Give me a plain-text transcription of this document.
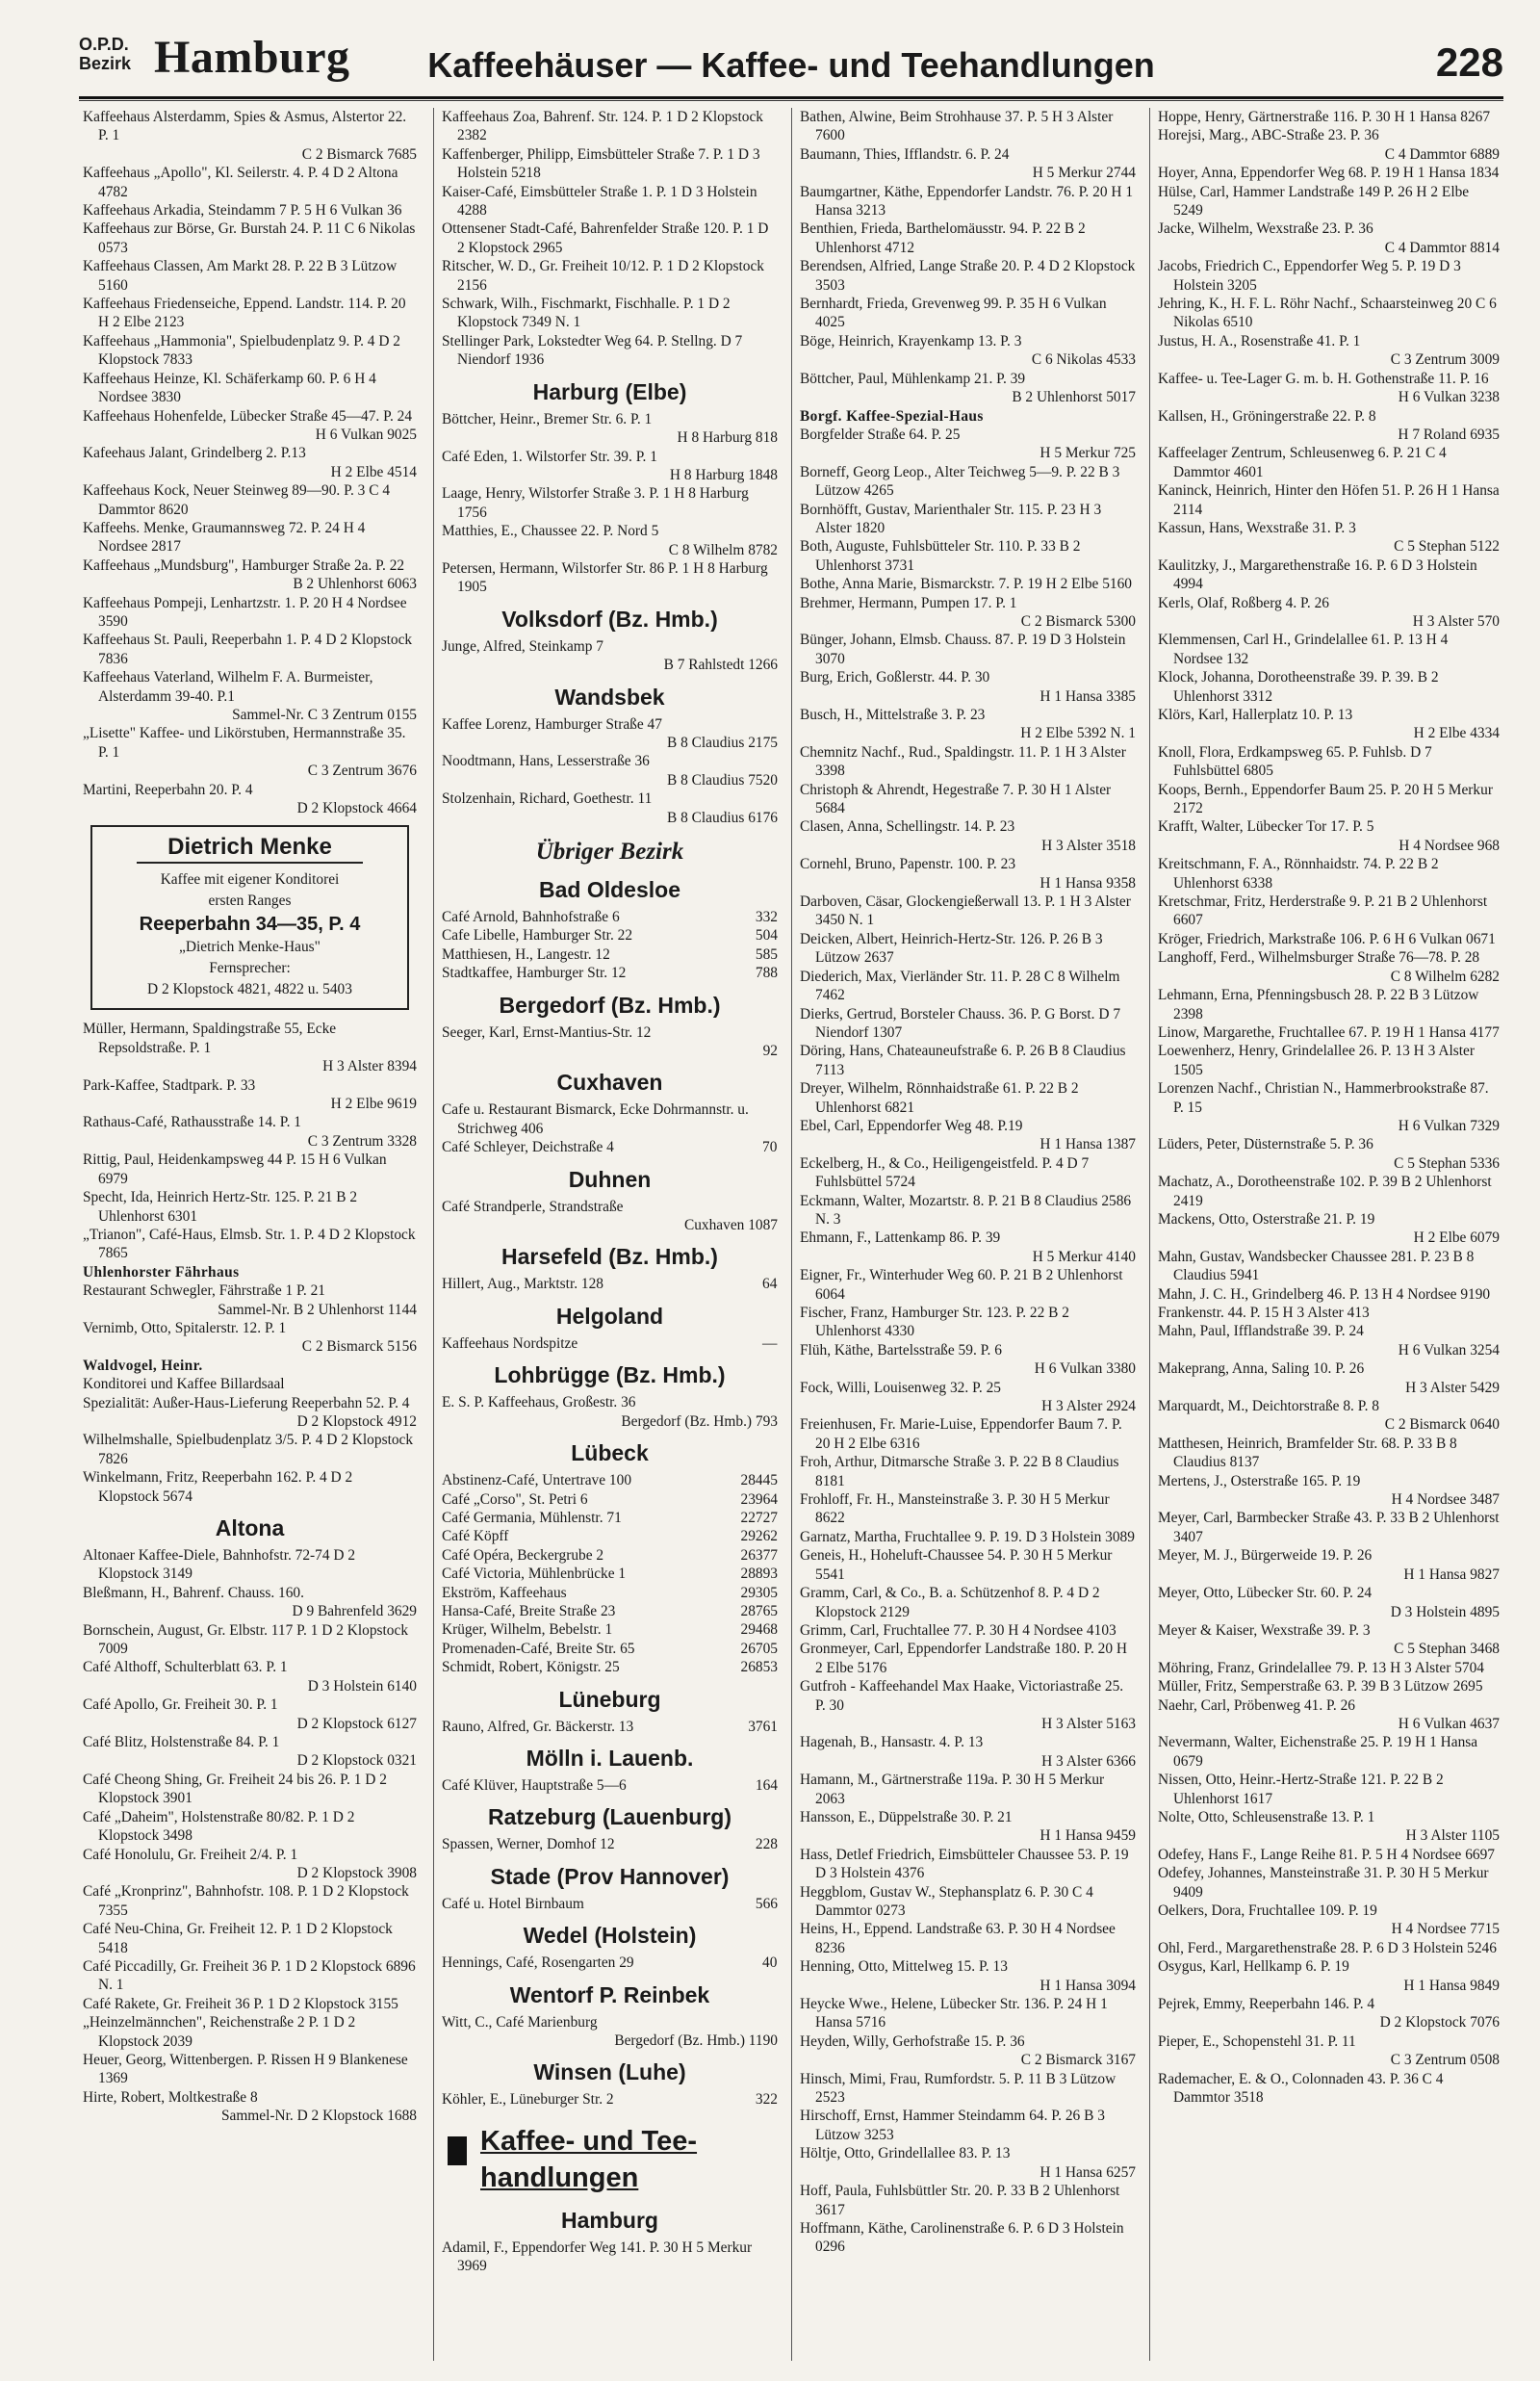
O.P.D.
Bezirk Hamburg	Kaffeehäuser — Kaffee- und Teehandlungen	228

Kaffeehaus Alsterdamm, Spies & Asmus, Alstertor 22. P. 1

C 2 Bismarck 7685

Kaffeehaus „Apollo", Kl. Seilerstr. 4. P. 4 D 2 Altona 4782

Kaffeehaus Arkadia, Steindamm 7 P. 5 H 6 Vulkan 36

Kaffeehaus zur Börse, Gr. Burstah 24. P. 11 C 6 Nikolas 0573

Kaffeehaus Classen, Am Markt 28. P. 22 B 3 Lützow 5160

Kaffeehaus Friedenseiche, Eppend. Landstr. 114. P. 20 H 2 Elbe 2123

Kaffeehaus „Hammonia", Spielbudenplatz 9. P. 4 D 2 Klopstock 7833

Kaffeehaus Heinze, Kl. Schäferkamp 60. P. 6 H 4 Nordsee 3830

Kaffeehaus Hohenfelde, Lübecker Straße 45—47. P. 24

H 6 Vulkan 9025

Kafeehaus Jalant, Grindelberg 2. P.13

H 2 Elbe 4514

Kaffeehaus Kock, Neuer Steinweg 89—90. P. 3 C 4 Dammtor 8620

Kaffeehs. Menke, Graumannsweg 72. P. 24 H 4 Nordsee 2817

Kaffeehaus „Mundsburg", Hamburger Straße 2a. P. 22

B 2 Uhlenhorst 6063

Kaffeehaus Pompeji, Lenhartzstr. 1. P. 20 H 4 Nordsee 3590

Kaffeehaus St. Pauli, Reeperbahn 1. P. 4 D 2 Klopstock 7836

Kaffeehaus Vaterland, Wilhelm F. A. Burmeister, Alsterdamm 39-40. P.1

Sammel-Nr. C 3 Zentrum 0155

„Lisette" Kaffee- und Likörstuben, Hermannstraße 35. P. 1

C 3 Zentrum 3676

Martini, Reeperbahn 20. P. 4

D 2 Klopstock 4664

Dietrich Menke
Kaffee mit eigener Konditorei
ersten Ranges
Reeperbahn 34—35, P. 4
„Dietrich Menke-Haus"
Fernsprecher:
D 2 Klopstock 4821, 4822 u. 5403

Müller, Hermann, Spaldingstraße 55, Ecke Repsoldstraße. P. 1

H 3 Alster 8394

Park-Kaffee, Stadtpark. P. 33

H 2 Elbe 9619

Rathaus-Café, Rathausstraße 14. P. 1

C 3 Zentrum 3328

Rittig, Paul, Heidenkampsweg 44 P. 15 H 6 Vulkan 6979

Specht, Ida, Heinrich Hertz-Str. 125. P. 21 B 2 Uhlenhorst 6301

„Trianon", Café-Haus, Elmsb. Str. 1. P. 4 D 2 Klopstock 7865

Uhlenhorster Fährhaus

Restaurant Schwegler, Fährstraße 1 P. 21

Sammel-Nr. B 2 Uhlenhorst 1144

Vernimb, Otto, Spitalerstr. 12. P. 1

C 2 Bismarck 5156

Waldvogel, Heinr.

Konditorei und Kaffee Billardsaal

Spezialität: Außer-Haus-Lieferung Reeperbahn 52. P. 4

D 2 Klopstock 4912

Wilhelmshalle, Spielbudenplatz 3/5. P. 4 D 2 Klopstock 7826

Winkelmann, Fritz, Reeperbahn 162. P. 4 D 2 Klopstock 5674

Altona

Altonaer Kaffee-Diele, Bahnhofstr. 72-74 D 2 Klopstock 3149

Bleßmann, H., Bahrenf. Chauss. 160.

D 9 Bahrenfeld 3629

Bornschein, August, Gr. Elbstr. 117 P. 1 D 2 Klopstock 7009

Café Althoff, Schulterblatt 63. P. 1

D 3 Holstein 6140

Café Apollo, Gr. Freiheit 30. P. 1

D 2 Klopstock 6127

Café Blitz, Holstenstraße 84. P. 1

D 2 Klopstock 0321

Café Cheong Shing, Gr. Freiheit 24 bis 26. P. 1 D 2 Klopstock 3901

Café „Daheim", Holstenstraße 80/82. P. 1 D 2 Klopstock 3498

Café Honolulu, Gr. Freiheit 2/4. P. 1

D 2 Klopstock 3908

Café „Kronprinz", Bahnhofstr. 108. P. 1 D 2 Klopstock 7355

Café Neu-China, Gr. Freiheit 12. P. 1 D 2 Klopstock 5418

Café Piccadilly, Gr. Freiheit 36 P. 1 D 2 Klopstock 6896 N. 1

Café Rakete, Gr. Freiheit 36 P. 1 D 2 Klopstock 3155

„Heinzelmännchen", Reichenstraße 2 P. 1 D 2 Klopstock 2039

Heuer, Georg, Wittenbergen. P. Rissen H 9 Blankenese 1369

Hirte, Robert, Moltkestraße 8

Sammel-Nr. D 2 Klopstock 1688

Kaffeehaus Zoa, Bahrenf. Str. 124. P. 1 D 2 Klopstock 2382

Kaffenberger, Philipp, Eimsbütteler Straße 7. P. 1 D 3 Holstein 5218

Kaiser-Café, Eimsbütteler Straße 1. P. 1 D 3 Holstein 4288

Ottensener Stadt-Café, Bahrenfelder Straße 120. P. 1 D 2 Klopstock 2965

Ritscher, W. D., Gr. Freiheit 10/12. P. 1 D 2 Klopstock 2156

Schwark, Wilh., Fischmarkt, Fischhalle. P. 1 D 2 Klopstock 7349 N. 1

Stellinger Park, Lokstedter Weg 64. P. Stellng. D 7 Niendorf 1936

Harburg (Elbe)

Böttcher, Heinr., Bremer Str. 6. P. 1

H 8 Harburg 818

Café Eden, 1. Wilstorfer Str. 39. P. 1

H 8 Harburg 1848

Laage, Henry, Wilstorfer Straße 3. P. 1 H 8 Harburg 1756

Matthies, E., Chaussee 22. P. Nord 5

C 8 Wilhelm 8782

Petersen, Hermann, Wilstorfer Str. 86 P. 1 H 8 Harburg 1905

Volksdorf (Bz. Hmb.)

Junge, Alfred, Steinkamp 7

B 7 Rahlstedt 1266

Wandsbek

Kaffee Lorenz, Hamburger Straße 47

B 8 Claudius 2175

Noodtmann, Hans, Lesserstraße 36

B 8 Claudius 7520

Stolzenhain, Richard, Goethestr. 11

B 8 Claudius 6176

Übriger Bezirk
Bad Oldesloe

332
Café Arnold, Bahnhofstraße 6

504
Cafe Libelle, Hamburger Str. 22

585
Matthiesen, H., Langestr. 12

788
Stadtkaffee, Hamburger Str. 12

Bergedorf (Bz. Hmb.)

Seeger, Karl, Ernst-Mantius-Str. 12

92

Cuxhaven

Cafe u. Restaurant Bismarck, Ecke Dohrmannstr. u. Strichweg 406

70
Café Schleyer, Deichstraße 4

Duhnen

Café Strandperle, Strandstraße

Cuxhaven 1087

Harsefeld (Bz. Hmb.)

64
Hillert, Aug., Marktstr. 128

Helgoland

—
Kaffeehaus Nordspitze

Lohbrügge (Bz. Hmb.)

E. S. P. Kaffeehaus, Großestr. 36

Bergedorf (Bz. Hmb.) 793

Lübeck

28445
Abstinenz-Café, Untertrave 100

23964
Café „Corso", St. Petri 6

22727
Café Germania, Mühlenstr. 71

29262
Café Köpff

26377
Café Opéra, Beckergrube 2

28893
Café Victoria, Mühlenbrücke 1

29305
Ekström, Kaffeehaus

28765
Hansa-Café, Breite Straße 23

29468
Krüger, Wilhelm, Bebelstr. 1

26705
Promenaden-Café, Breite Str. 65

26853
Schmidt, Robert, Königstr. 25

Lüneburg

3761
Rauno, Alfred, Gr. Bäckerstr. 13

Mölln i. Lauenb.

164
Café Klüver, Hauptstraße 5—6

Ratzeburg (Lauenburg)

228
Spassen, Werner, Domhof 12

Stade (Prov Hannover)

566
Café u. Hotel Birnbaum

Wedel (Holstein)

40
Hennings, Café, Rosengarten 29

Wentorf P. Reinbek

Witt, C., Café Marienburg

Bergedorf (Bz. Hmb.) 1190

Winsen (Luhe)

322
Köhler, E., Lüneburger Str. 2

Kaffee- und Tee-
handlungen
Hamburg

Adamil, F., Eppendorfer Weg 141. P. 30 H 5 Merkur 3969

Bathen, Alwine, Beim Strohhause 37. P. 5 H 3 Alster 7600

Baumann, Thies, Ifflandstr. 6. P. 24

H 5 Merkur 2744

Baumgartner, Käthe, Eppendorfer Landstr. 76. P. 20 H 1 Hansa 3213

Benthien, Frieda, Barthelomäusstr. 94. P. 22 B 2 Uhlenhorst 4712

Berendsen, Alfried, Lange Straße 20. P. 4 D 2 Klopstock 3503

Bernhardt, Frieda, Grevenweg 99. P. 35 H 6 Vulkan 4025

Böge, Heinrich, Krayenkamp 13. P. 3

C 6 Nikolas 4533

Böttcher, Paul, Mühlenkamp 21. P. 39

B 2 Uhlenhorst 5017

Borgf. Kaffee-Spezial-Haus

Borgfelder Straße 64. P. 25

H 5 Merkur 725

Borneff, Georg Leop., Alter Teichweg 5—9. P. 22 B 3 Lützow 4265

Bornhöfft, Gustav, Marienthaler Str. 115. P. 23 H 3 Alster 1820

Both, Auguste, Fuhlsbütteler Str. 110. P. 33 B 2 Uhlenhorst 3731

Bothe, Anna Marie, Bismarckstr. 7. P. 19 H 2 Elbe 5160

Brehmer, Hermann, Pumpen 17. P. 1

C 2 Bismarck 5300

Bünger, Johann, Elmsb. Chauss. 87. P. 19 D 3 Holstein 3070

Burg, Erich, Goßlerstr. 44. P. 30

H 1 Hansa 3385

Busch, H., Mittelstraße 3. P. 23

H 2 Elbe 5392 N. 1

Chemnitz Nachf., Rud., Spaldingstr. 11. P. 1 H 3 Alster 3398

Christoph & Ahrendt, Hegestraße 7. P. 30 H 1 Alster 5684

Clasen, Anna, Schellingstr. 14. P. 23

H 3 Alster 3518

Cornehl, Bruno, Papenstr. 100. P. 23

H 1 Hansa 9358

Darboven, Cäsar, Glockengießerwall 13. P. 1 H 3 Alster 3450 N. 1

Deicken, Albert, Heinrich-Hertz-Str. 126. P. 26 B 3 Lützow 2637

Diederich, Max, Vierländer Str. 11. P. 28 C 8 Wilhelm 7462

Dierks, Gertrud, Borsteler Chauss. 36. P. G Borst. D 7 Niendorf 1307

Döring, Hans, Chateauneufstraße 6. P. 26 B 8 Claudius 7113

Dreyer, Wilhelm, Rönnhaidstraße 61. P. 22 B 2 Uhlenhorst 6821

Ebel, Carl, Eppendorfer Weg 48. P.19

H 1 Hansa 1387

Eckelberg, H., & Co., Heiligengeistfeld. P. 4 D 7 Fuhlsbüttel 5724

Eckmann, Walter, Mozartstr. 8. P. 21 B 8 Claudius 2586 N. 3

Ehmann, F., Lattenkamp 86. P. 39

H 5 Merkur 4140

Eigner, Fr., Winterhuder Weg 60. P. 21 B 2 Uhlenhorst 6064

Fischer, Franz, Hamburger Str. 123. P. 22 B 2 Uhlenhorst 4330

Flüh, Käthe, Bartelsstraße 59. P. 6

H 6 Vulkan 3380

Fock, Willi, Louisenweg 32. P. 25

H 3 Alster 2924

Freienhusen, Fr. Marie-Luise, Eppendorfer Baum 7. P. 20 H 2 Elbe 6316

Froh, Arthur, Ditmarsche Straße 3. P. 22 B 8 Claudius 8181

Frohloff, Fr. H., Mansteinstraße 3. P. 30 H 5 Merkur 8622

Garnatz, Martha, Fruchtallee 9. P. 19. D 3 Holstein 3089

Geneis, H., Hoheluft-Chaussee 54. P. 30 H 5 Merkur 5541

Gramm, Carl, & Co., B. a. Schützenhof 8. P. 4 D 2 Klopstock 2129

Grimm, Carl, Fruchtallee 77. P. 30 H 4 Nordsee 4103

Gronmeyer, Carl, Eppendorfer Landstraße 180. P. 20 H 2 Elbe 5176

Gutfroh - Kaffeehandel Max Haake, Victoriastraße 25. P. 30

H 3 Alster 5163

Hagenah, B., Hansastr. 4. P. 13

H 3 Alster 6366

Hamann, M., Gärtnerstraße 119a. P. 30 H 5 Merkur 2063

Hansson, E., Düppelstraße 30. P. 21

H 1 Hansa 9459

Hass, Detlef Friedrich, Eimsbütteler Chaussee 53. P. 19 D 3 Holstein 4376

Heggblom, Gustav W., Stephansplatz 6. P. 30 C 4 Dammtor 0273

Heins, H., Eppend. Landstraße 63. P. 30 H 4 Nordsee 8236

Henning, Otto, Mittelweg 15. P. 13

H 1 Hansa 3094

Heycke Wwe., Helene, Lübecker Str. 136. P. 24 H 1 Hansa 5716

Heyden, Willy, Gerhofstraße 15. P. 36

C 2 Bismarck 3167

Hinsch, Mimi, Frau, Rumfordstr. 5. P. 11 B 3 Lützow 2523

Hirschoff, Ernst, Hammer Steindamm 64. P. 26 B 3 Lützow 3253

Höltje, Otto, Grindellallee 83. P. 13

H 1 Hansa 6257

Hoff, Paula, Fuhlsbüttler Str. 20. P. 33 B 2 Uhlenhorst 3617

Hoffmann, Käthe, Carolinenstraße 6. P. 6 D 3 Holstein 0296

Hoppe, Henry, Gärtnerstraße 116. P. 30 H 1 Hansa 8267

Horejsi, Marg., ABC-Straße 23. P. 36

C 4 Dammtor 6889

Hoyer, Anna, Eppendorfer Weg 68. P. 19 H 1 Hansa 1834

Hülse, Carl, Hammer Landstraße 149 P. 26 H 2 Elbe 5249

Jacke, Wilhelm, Wexstraße 23. P. 36

C 4 Dammtor 8814

Jacobs, Friedrich C., Eppendorfer Weg 5. P. 19 D 3 Holstein 3205

Jehring, K., H. F. L. Röhr Nachf., Schaarsteinweg 20 C 6 Nikolas 6510

Justus, H. A., Rosenstraße 41. P. 1

C 3 Zentrum 3009

Kaffee- u. Tee-Lager G. m. b. H. Gothenstraße 11. P. 16

H 6 Vulkan 3238

Kallsen, H., Gröningerstraße 22. P. 8

H 7 Roland 6935

Kaffeelager Zentrum, Schleusenweg 6. P. 21 C 4 Dammtor 4601

Kaninck, Heinrich, Hinter den Höfen 51. P. 26 H 1 Hansa 2114

Kassun, Hans, Wexstraße 31. P. 3

C 5 Stephan 5122

Kaulitzky, J., Margarethenstraße 16. P. 6 D 3 Holstein 4994

Kerls, Olaf, Roßberg 4. P. 26

H 3 Alster 570

Klemmensen, Carl H., Grindelallee 61. P. 13 H 4 Nordsee 132

Klock, Johanna, Dorotheenstraße 39. P. 39. B 2 Uhlenhorst 3312

Klörs, Karl, Hallerplatz 10. P. 13

H 2 Elbe 4334

Knoll, Flora, Erdkampsweg 65. P. Fuhlsb. D 7 Fuhlsbüttel 6805

Koops, Bernh., Eppendorfer Baum 25. P. 20 H 5 Merkur 2172

Krafft, Walter, Lübecker Tor 17. P. 5

H 4 Nordsee 968

Kreitschmann, F. A., Rönnhaidstr. 74. P. 22 B 2 Uhlenhorst 6338

Kretschmar, Fritz, Herderstraße 9. P. 21 B 2 Uhlenhorst 6607

Kröger, Friedrich, Markstraße 106. P. 6 H 6 Vulkan 0671

Langhoff, Ferd., Wilhelmsburger Straße 76—78. P. 28

C 8 Wilhelm 6282

Lehmann, Erna, Pfenningsbusch 28. P. 22 B 3 Lützow 2398

Linow, Margarethe, Fruchtallee 67. P. 19 H 1 Hansa 4177

Loewenherz, Henry, Grindelallee 26. P. 13 H 3 Alster 1505

Lorenzen Nachf., Christian N., Hammerbrookstraße 87. P. 15

H 6 Vulkan 7329

Lüders, Peter, Düsternstraße 5. P. 36

C 5 Stephan 5336

Machatz, A., Dorotheenstraße 102. P. 39 B 2 Uhlenhorst 2419

Mackens, Otto, Osterstraße 21. P. 19

H 2 Elbe 6079

Mahn, Gustav, Wandsbecker Chaussee 281. P. 23 B 8 Claudius 5941

Mahn, J. C. H., Grindelberg 46. P. 13 H 4 Nordsee 9190

Frankenstr. 44. P. 15 H 3 Alster 413

Mahn, Paul, Ifflandstraße 39. P. 24

H 6 Vulkan 3254

Makeprang, Anna, Saling 10. P. 26

H 3 Alster 5429

Marquardt, M., Deichtorstraße 8. P. 8

C 2 Bismarck 0640

Matthesen, Heinrich, Bramfelder Str. 68. P. 33 B 8 Claudius 8137

Mertens, J., Osterstraße 165. P. 19

H 4 Nordsee 3487

Meyer, Carl, Barmbecker Straße 43. P. 33 B 2 Uhlenhorst 3407

Meyer, M. J., Bürgerweide 19. P. 26

H 1 Hansa 9827

Meyer, Otto, Lübecker Str. 60. P. 24

D 3 Holstein 4895

Meyer & Kaiser, Wexstraße 39. P. 3

C 5 Stephan 3468

Möhring, Franz, Grindelallee 79. P. 13 H 3 Alster 5704

Müller, Fritz, Semperstraße 63. P. 39 B 3 Lützow 2695

Naehr, Carl, Pröbenweg 41. P. 26

H 6 Vulkan 4637

Nevermann, Walter, Eichenstraße 25. P. 19 H 1 Hansa 0679

Nissen, Otto, Heinr.-Hertz-Straße 121. P. 22 B 2 Uhlenhorst 1617

Nolte, Otto, Schleusenstraße 13. P. 1

H 3 Alster 1105

Odefey, Hans F., Lange Reihe 81. P. 5 H 4 Nordsee 6697

Odefey, Johannes, Mansteinstraße 31. P. 30 H 5 Merkur 9409

Oelkers, Dora, Fruchtallee 109. P. 19

H 4 Nordsee 7715

Ohl, Ferd., Margarethenstraße 28. P. 6 D 3 Holstein 5246

Osygus, Karl, Hellkamp 6. P. 19

H 1 Hansa 9849

Pejrek, Emmy, Reeperbahn 146. P. 4

D 2 Klopstock 7076

Pieper, E., Schopenstehl 31. P. 11

C 3 Zentrum 0508

Rademacher, E. & O., Colonnaden 43. P. 36 C 4 Dammtor 3518
